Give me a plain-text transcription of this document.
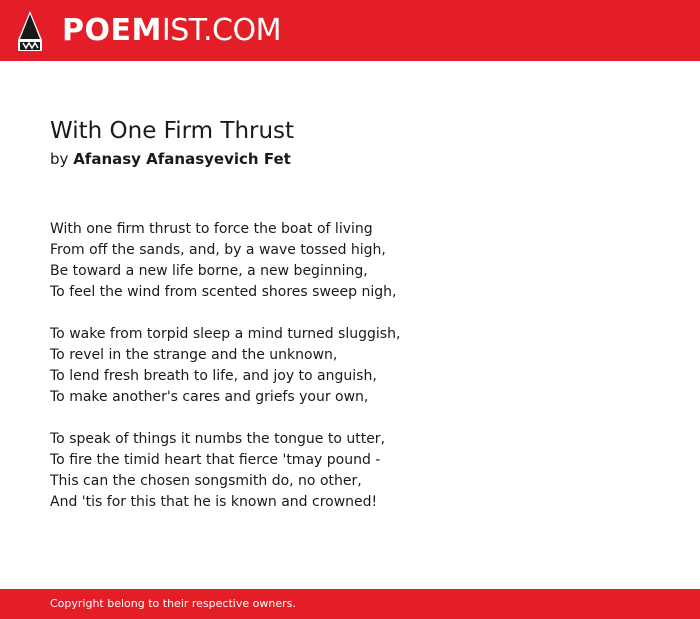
POEMIST.COM
With One Firm Thrust
by Afanasy Afanasyevich Fet
With one firm thrust to force the boat of living
From off the sands, and, by a wave tossed high,
Be toward a new life borne, a new beginning,
To feel the wind from scented shores sweep nigh,
To wake from torpid sleep a mind turned sluggish,
To revel in the strange and the unknown,
To lend fresh breath to life, and joy to anguish,
To make another's cares and griefs your own,
To speak of things it numbs the tongue to utter,
To fire the timid heart that fierce 'tmay pound -
This can the chosen songsmith do, no other,
And 'tis for this that he is known and crowned!
Copyright belong to their respective owners.
